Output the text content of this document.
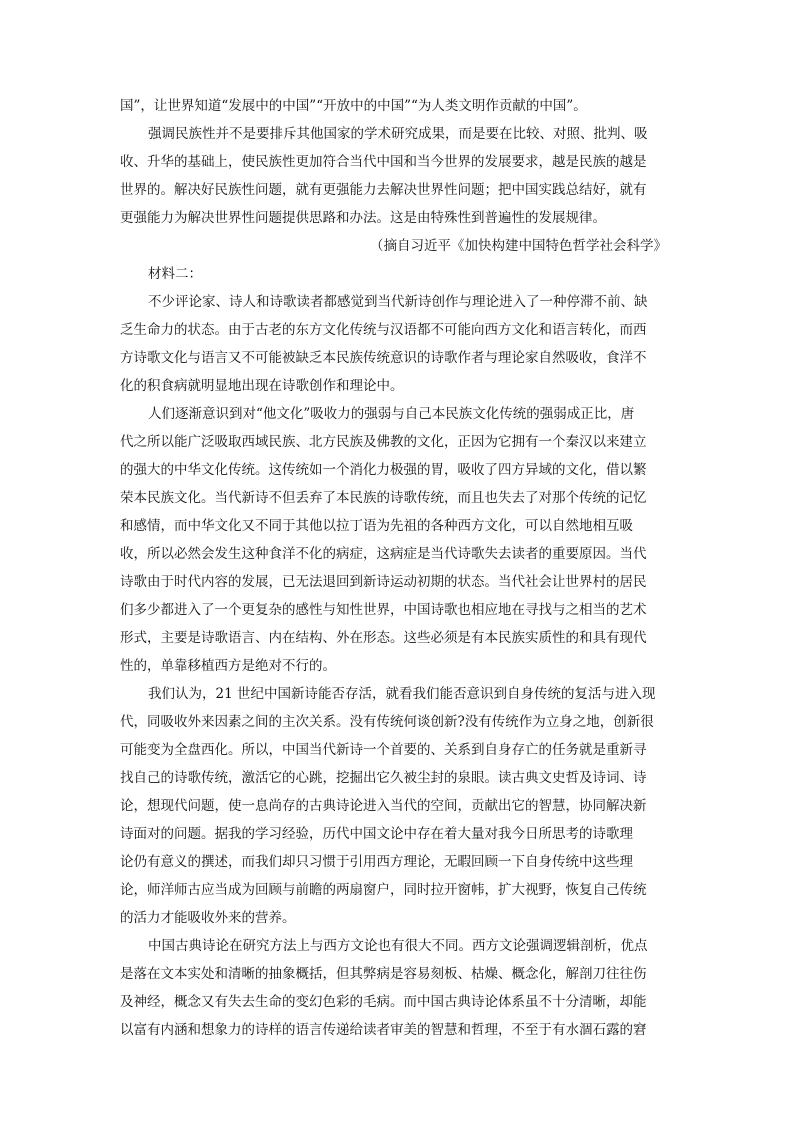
国”，让世界知道“发展中的中国”“开放中的中国”“为人类文明作贡献的中国”。
强调民族性并不是要排斥其他国家的学术研究成果，而是要在比较、对照、批判、吸
收、升华的基础上，使民族性更加符合当代中国和当今世界的发展要求，越是民族的越是
世界的。解决好民族性问题，就有更强能力去解决世界性问题；把中国实践总结好，就有
更强能力为解决世界性问题提供思路和办法。这是由特殊性到普遍性的发展规律。
（摘自习近平《加快构建中国特色哲学社会科学》
材料二：
不少评论家、诗人和诗歌读者都感觉到当代新诗创作与理论进入了一种停滞不前、缺
乏生命力的状态。由于古老的东方文化传统与汉语都不可能向西方文化和语言转化，而西
方诗歌文化与语言又不可能被缺乏本民族传统意识的诗歌作者与理论家自然吸收，食洋不
化的积食病就明显地出现在诗歌创作和理论中。
人们逐渐意识到对“他文化”吸收力的强弱与自己本民族文化传统的强弱成正比，唐
代之所以能广泛吸取西域民族、北方民族及佛教的文化，正因为它拥有一个秦汉以来建立
的强大的中华文化传统。这传统如一个消化力极强的胃，吸收了四方异域的文化，借以繁
荣本民族文化。当代新诗不但丢弃了本民族的诗歌传统，而且也失去了对那个传统的记忆
和感情，而中华文化又不同于其他以拉丁语为先祖的各种西方文化，可以自然地相互吸
收，所以必然会发生这种食洋不化的病症，这病症是当代诗歌失去读者的重要原因。当代
诗歌由于时代内容的发展，已无法退回到新诗运动初期的状态。当代社会让世界村的居民
们多少都进入了一个更复杂的感性与知性世界，中国诗歌也相应地在寻找与之相当的艺术
形式，主要是诗歌语言、内在结构、外在形态。这些必须是有本民族实质性的和具有现代
性的，单靠移植西方是绝对不行的。
我们认为，21 世纪中国新诗能否存活，就看我们能否意识到自身传统的复活与进入现
代，同吸收外来因素之间的主次关系。没有传统何谈创新?没有传统作为立身之地，创新很
可能变为全盘西化。所以，中国当代新诗一个首要的、关系到自身存亡的任务就是重新寻
找自己的诗歌传统，激活它的心跳，挖掘出它久被尘封的泉眼。读古典文史哲及诗词、诗
论，想现代问题，使一息尚存的古典诗论进入当代的空间，贡献出它的智慧，协同解决新
诗面对的问题。据我的学习经验，历代中国文论中存在着大量对我今日所思考的诗歌理
论仍有意义的撰述，而我们却只习惯于引用西方理论，无暇回顾一下自身传统中这些理
论，师洋师古应当成为回顾与前瞻的两扇窗户，同时拉开窗帏，扩大视野，恢复自己传统
的活力才能吸收外来的营养。
中国古典诗论在研究方法上与西方文论也有很大不同。西方文论强调逻辑剖析，优点
是落在文本实处和清晰的抽象概括，但其弊病是容易刻板、枯燥、概念化，解剖刀往往伤
及神经，概念又有失去生命的变幻色彩的毛病。而中国古典诗论体系虽不十分清晰，却能
以富有内涵和想象力的诗样的语言传递给读者审美的智慧和哲理，不至于有水涸石露的窘
